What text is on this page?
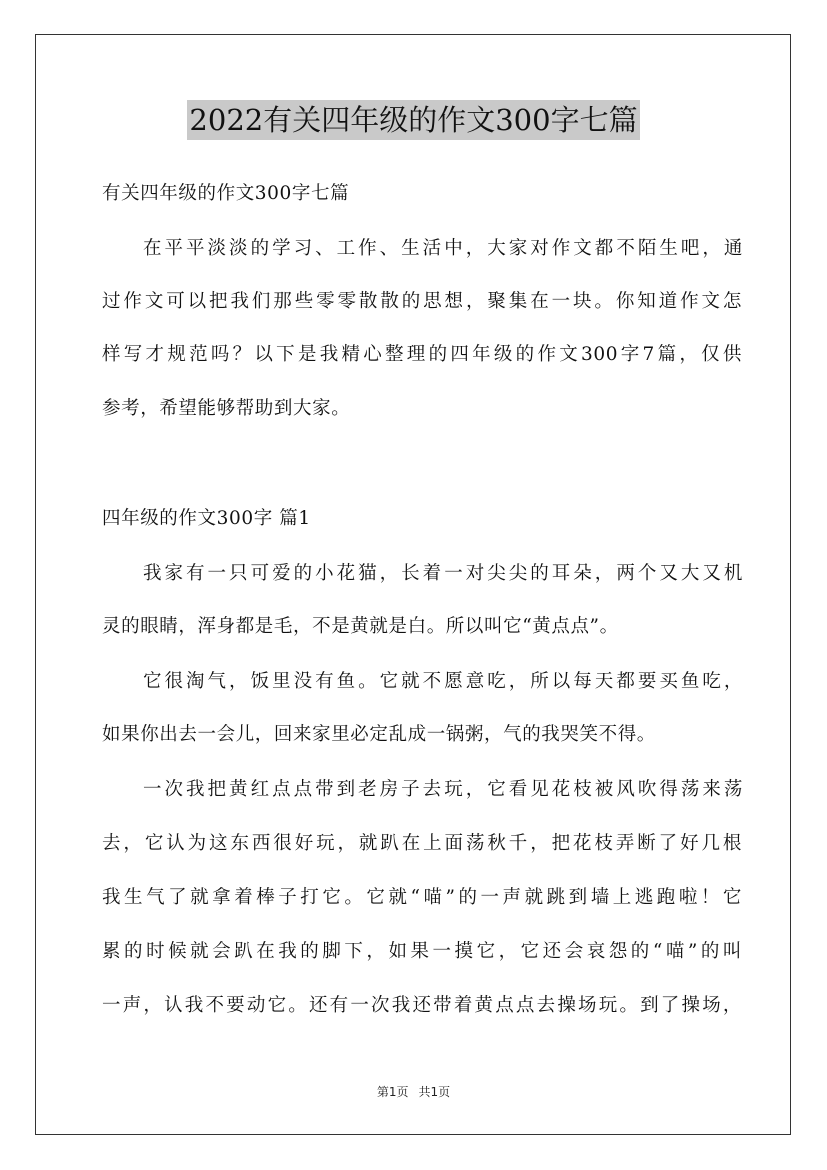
2022有关四年级的作文300字七篇
有关四年级的作文300字七篇
在平平淡淡的学习、工作、生活中，大家对作文都不陌生吧，通
过作文可以把我们那些零零散散的思想，聚集在一块。你知道作文怎
样写才规范吗？以下是我精心整理的四年级的作文300字7篇，仅供
参考，希望能够帮助到大家。
四年级的作文300字 篇1
我家有一只可爱的小花猫，长着一对尖尖的耳朵，两个又大又机
灵的眼睛，浑身都是毛，不是黄就是白。所以叫它“黄点点”。
它很淘气，饭里没有鱼。它就不愿意吃，所以每天都要买鱼吃，
如果你出去一会儿，回来家里必定乱成一锅粥，气的我哭笑不得。
一次我把黄红点点带到老房子去玩，它看见花枝被风吹得荡来荡
去，它认为这东西很好玩，就趴在上面荡秋千，把花枝弄断了好几根
我生气了就拿着棒子打它。它就“喵”的一声就跳到墙上逃跑啦！它
累的时候就会趴在我的脚下，如果一摸它，它还会哀怨的“喵”的叫
一声，认我不要动它。还有一次我还带着黄点点去操场玩。到了操场，
第1页 共1页
